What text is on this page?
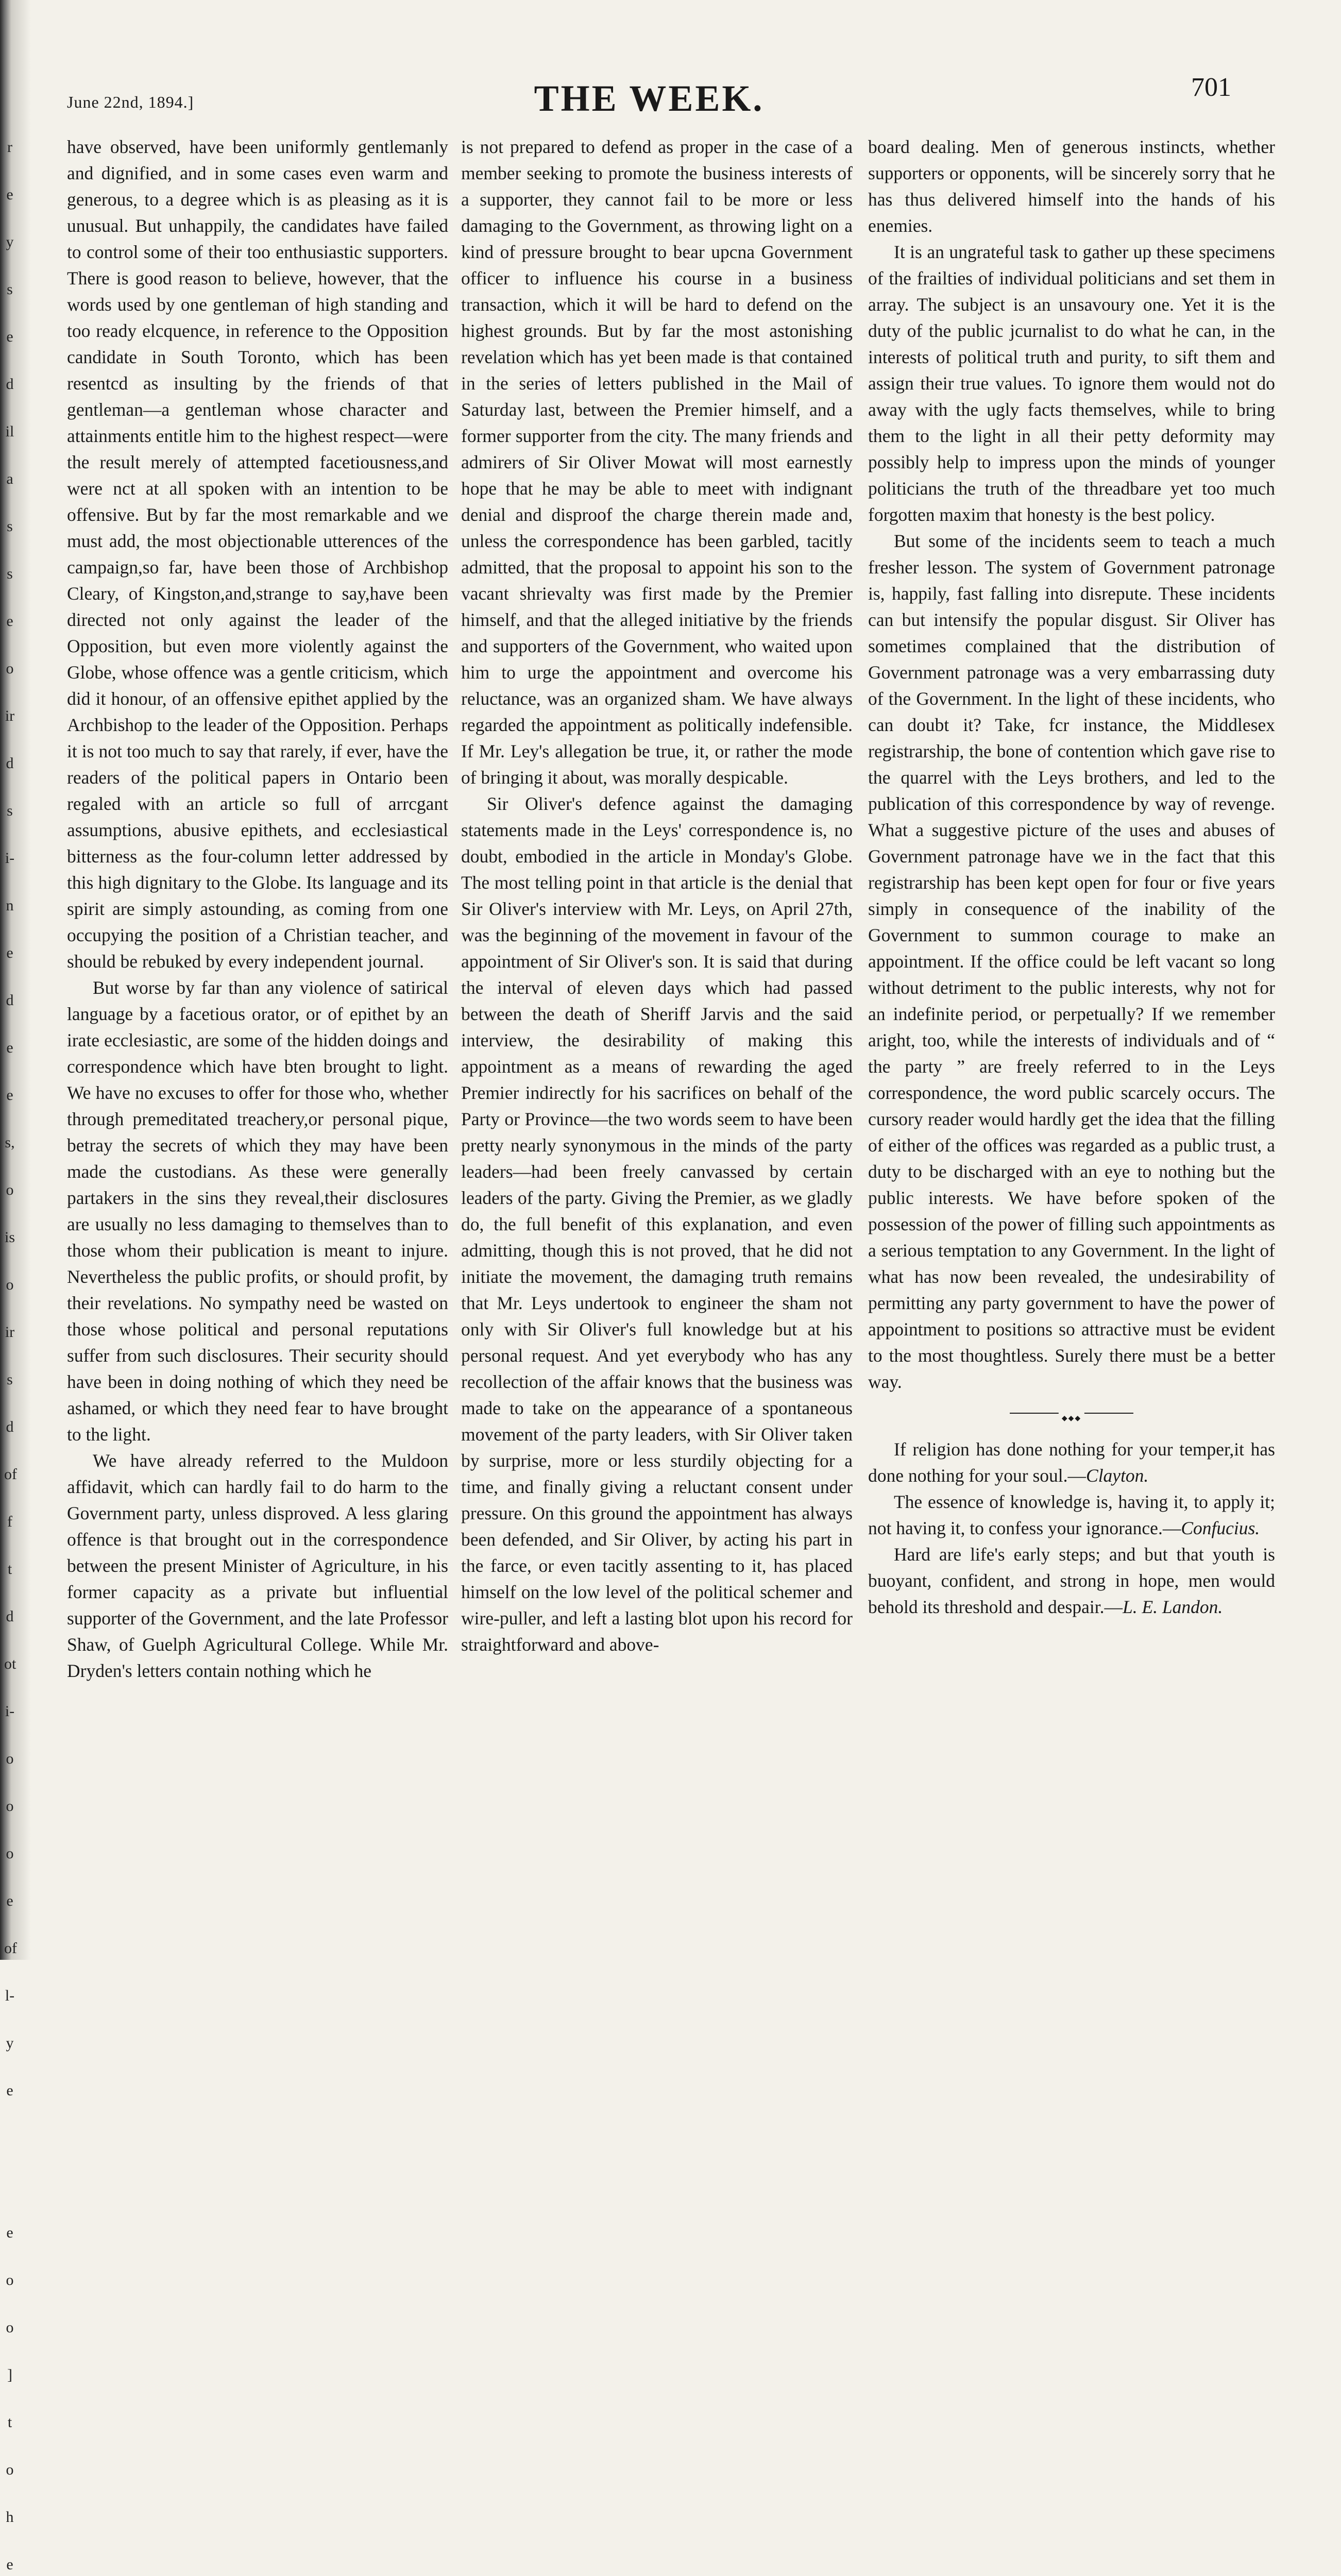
r
e
y
s
e
d
il
a
s
s
e
o
ir
d
s
i-
n
e
d
e
e
s,
o
is
o
ir
s
d
of
f
t
d
ot
i-
o
o
o
e
of
l-
y
e

e
o
o
]
t
o
h
e
June 22nd, 1894.]	THE WEEK.	701

have observed, have been uniformly gentlemanly and dignified, and in some cases even warm and generous, to a degree which is as pleasing as it is unusual. But unhappily, the candidates have failed to control some of their too enthusiastic supporters. There is good reason to believe, however, that the words used by one gentleman of high standing and too ready elcquence, in reference to the Opposition candidate in South Toronto, which has been resentcd as insulting by the friends of that gentleman—a gentleman whose character and attainments entitle him to the highest respect—were the result merely of attempted facetiousness,and were nct at all spoken with an intention to be offensive. But by far the most remarkable and we must add, the most objectionable utterences of the campaign,so far, have been those of Archbishop Cleary, of Kingston,and,strange to say,have been directed not only against the leader of the Opposition, but even more violently against the Globe, whose offence was a gentle criticism, which did it honour, of an offensive epithet applied by the Archbishop to the leader of the Opposition. Perhaps it is not too much to say that rarely, if ever, have the readers of the political papers in Ontario been regaled with an article so full of arrcgant assumptions, abusive epithets, and ecclesiastical bitterness as the four-column letter addressed by this high dignitary to the Globe. Its language and its spirit are simply astounding, as coming from one occupying the position of a Christian teacher, and should be rebuked by every independent journal.

But worse by far than any violence of satirical language by a facetious orator, or of epithet by an irate ecclesiastic, are some of the hidden doings and correspondence which have bten brought to light. We have no excuses to offer for those who, whether through premeditated treachery,or personal pique, betray the secrets of which they may have been made the custodians. As these were generally partakers in the sins they reveal,their disclosures are usually no less damaging to themselves than to those whom their publication is meant to injure. Nevertheless the public profits, or should profit, by their revelations. No sympathy need be wasted on those whose political and personal reputations suffer from such disclosures. Their security should have been in doing nothing of which they need be ashamed, or which they need fear to have brought to the light.

We have already referred to the Muldoon affidavit, which can hardly fail to do harm to the Government party, unless disproved. A less glaring offence is that brought out in the correspondence between the present Minister of Agriculture, in his former capacity as a private but influential supporter of the Government, and the late Professor Shaw, of Guelph Agricultural College. While Mr. Dryden's letters contain nothing which he

is not prepared to defend as proper in the case of a member seeking to promote the business interests of a supporter, they cannot fail to be more or less damaging to the Government, as throwing light on a kind of pressure brought to bear upcna Government officer to influence his course in a business transaction, which it will be hard to defend on the highest grounds. But by far the most astonishing revelation which has yet been made is that contained in the series of letters published in the Mail of Saturday last, between the Premier himself, and a former supporter from the city. The many friends and admirers of Sir Oliver Mowat will most earnestly hope that he may be able to meet with indignant denial and disproof the charge therein made and, unless the correspondence has been garbled, tacitly admitted, that the proposal to appoint his son to the vacant shrievalty was first made by the Premier himself, and that the alleged initiative by the friends and supporters of the Government, who waited upon him to urge the appointment and overcome his reluctance, was an organized sham. We have always regarded the appointment as politically indefensible. If Mr. Ley's allegation be true, it, or rather the mode of bringing it about, was morally despicable.

Sir Oliver's defence against the damaging statements made in the Leys' correspondence is, no doubt, embodied in the article in Monday's Globe. The most telling point in that article is the denial that Sir Oliver's interview with Mr. Leys, on April 27th, was the beginning of the movement in favour of the appointment of Sir Oliver's son. It is said that during the interval of eleven days which had passed between the death of Sheriff Jarvis and the said interview, the desirability of making this appointment as a means of rewarding the aged Premier indirectly for his sacrifices on behalf of the Party or Province—the two words seem to have been pretty nearly synonymous in the minds of the party leaders—had been freely canvassed by certain leaders of the party. Giving the Premier, as we gladly do, the full benefit of this explanation, and even admitting, though this is not proved, that he did not initiate the movement, the damaging truth remains that Mr. Leys undertook to engineer the sham not only with Sir Oliver's full knowledge but at his personal request. And yet everybody who has any recollection of the affair knows that the business was made to take on the appearance of a spontaneous movement of the party leaders, with Sir Oliver taken by surprise, more or less sturdily objecting for a time, and finally giving a reluctant consent under pressure. On this ground the appointment has always been defended, and Sir Oliver, by acting his part in the farce, or even tacitly assenting to it, has placed himself on the low level of the political schemer and wire-puller, and left a lasting blot upon his record for straightforward and above-

board dealing. Men of generous instincts, whether supporters or opponents, will be sincerely sorry that he has thus delivered himself into the hands of his enemies.

It is an ungrateful task to gather up these specimens of the frailties of individual politicians and set them in array. The subject is an unsavoury one. Yet it is the duty of the public jcurnalist to do what he can, in the interests of political truth and purity, to sift them and assign their true values. To ignore them would not do away with the ugly facts themselves, while to bring them to the light in all their petty deformity may possibly help to impress upon the minds of younger politicians the truth of the threadbare yet too much forgotten maxim that honesty is the best policy.

But some of the incidents seem to teach a much fresher lesson. The system of Government patronage is, happily, fast falling into disrepute. These incidents can but intensify the popular disgust. Sir Oliver has sometimes complained that the distribution of Government patronage was a very embarrassing duty of the Government. In the light of these incidents, who can doubt it? Take, fcr instance, the Middlesex registrarship, the bone of contention which gave rise to the quarrel with the Leys brothers, and led to the publication of this correspondence by way of revenge. What a suggestive picture of the uses and abuses of Government patronage have we in the fact that this registrarship has been kept open for four or five years simply in consequence of the inability of the Government to summon courage to make an appointment. If the office could be left vacant so long without detriment to the public interests, why not for an indefinite period, or perpetually? If we remember aright, too, while the interests of individuals and of “ the party ” are freely referred to in the Leys correspondence, the word public scarcely occurs. The cursory reader would hardly get the idea that the filling of either of the offices was regarded as a public trust, a duty to be discharged with an eye to nothing but the public interests. We have before spoken of the possession of the power of filling such appointments as a serious temptation to any Government. In the light of what has now been revealed, the undesirability of permitting any party government to have the power of appointment to positions so attractive must be evident to the most thoughtless. Surely there must be a better way.

◆◆◆

If religion has done nothing for your temper,it has done nothing for your soul.—Clayton.

The essence of knowledge is, having it, to apply it; not having it, to confess your ignorance.—Confucius.

Hard are life's early steps; and but that youth is buoyant, confident, and strong in hope, men would behold its threshold and despair.—L. E. Landon.
